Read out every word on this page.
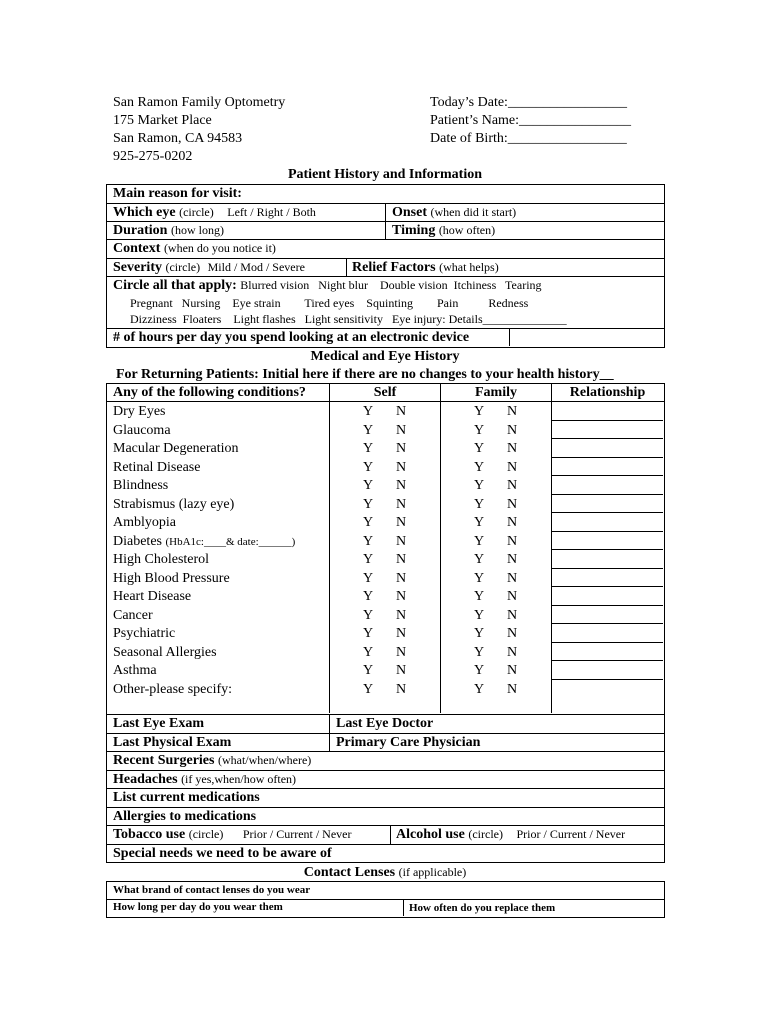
San Ramon Family Optometry
175 Market Place
San Ramon, CA 94583
925-275-0202
Today’s Date:_________________
Patient’s Name:________________
Date of Birth:_________________
Patient History and Information
Main reason for visit:
Which eye (circle) Left / Right / Both	Onset (when did it start)
Duration (how long)	Timing (how often)
Context (when do you notice it)
Severity (circle) Mild / Mod / Severe	Relief Factors (what helps)
Circle all that apply: Blurred vision   Night blur    Double vision  Itchiness   Tearing
Pregnant   Nursing    Eye strain        Tired eyes    Squinting        Pain          Redness
Dizziness  Floaters    Light flashes   Light sensitivity   Eye injury: Details______________
# of hours per day you spend looking at an electronic device
Medical and Eye History
For Returning Patients: Initial here if there are no changes to your health history__
Any of the following conditions?	Self	Family	Relationship
Dry Eyes	Y N	Y N
Glaucoma	Y N	Y N
Macular Degeneration	Y N	Y N
Retinal Disease	Y N	Y N
Blindness	Y N	Y N
Strabismus (lazy eye)	Y N	Y N
Amblyopia	Y N	Y N
Diabetes (HbA1c:____& date:______)	Y N	Y N
High Cholesterol	Y N	Y N
High Blood Pressure	Y N	Y N
Heart Disease	Y N	Y N
Cancer	Y N	Y N
Psychiatric	Y N	Y N
Seasonal Allergies	Y N	Y N
Asthma	Y N	Y N
Other-please specify:	Y N	Y N
Last Eye Exam	Last Eye Doctor
Last Physical Exam	Primary Care Physician
Recent Surgeries (what/when/where)
Headaches (if yes,when/how often)
List current medications
Allergies to medications
Tobacco use (circle) Prior / Current / Never	Alcohol use (circle) Prior / Current / Never
Special needs we need to be aware of
Contact Lenses (if applicable)
What brand of contact lenses do you wear
How long per day do you wear them	How often do you replace them
